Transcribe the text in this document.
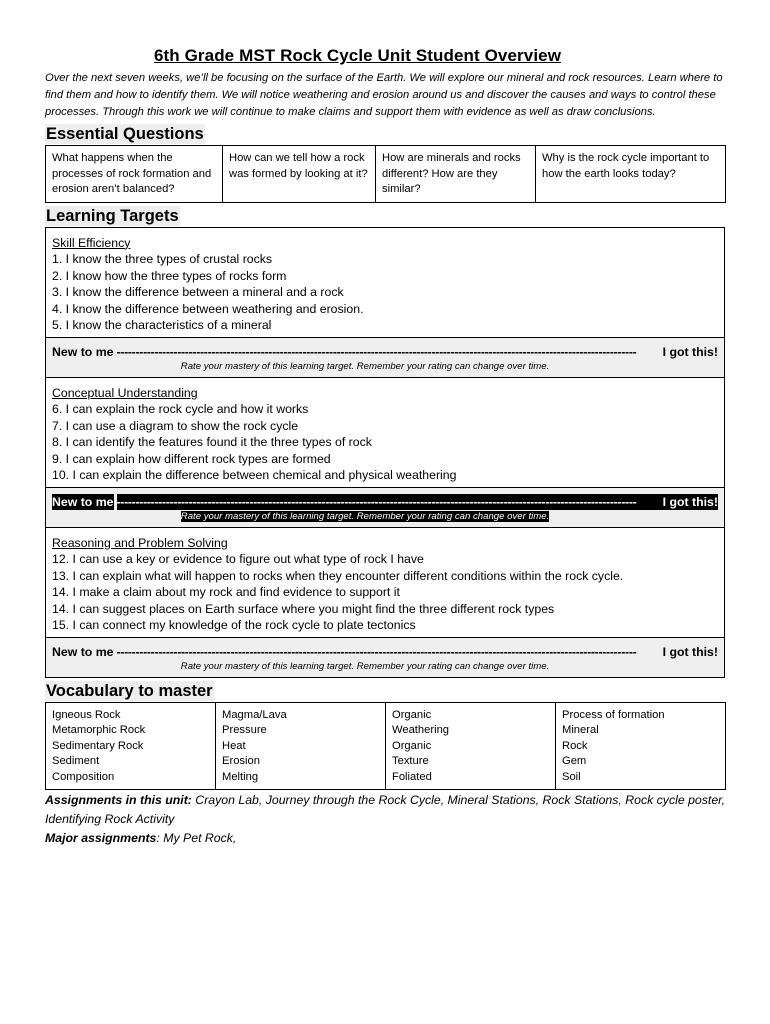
6th Grade MST Rock Cycle Unit Student Overview

Over the next seven weeks, we’ll be focusing on the surface of the Earth. We will explore our mineral and rock resources. Learn where to find them and how to identify them. We will notice weathering and erosion around us and discover the causes and ways to control these processes. Through this work we will continue to make claims and support them with evidence as well as draw conclusions.

Essential Questions
What happens when the processes of rock formation and erosion aren’t balanced?	How can we tell how a rock was formed by looking at it?	How are minerals and rocks different? How are they similar?	Why is the rock cycle important to how the earth looks today?
Learning Targets
Skill Efficiency
1. I know the three types of crustal rocks
2. I know how the three types of rocks form
3. I know the difference between a mineral and a rock
4. I know the difference between weathering and erosion.
5. I know the characteristics of a mineral
New to me -----------------------------------------------------------------------------------------------------------------------------------------	I got this!
Rate your mastery of this learning target. Remember your rating can change over time.
Conceptual Understanding
6. I can explain the rock cycle and how it works
7. I can use a diagram to show the rock cycle
8. I can identify the features found it the three types of rock
9. I can explain how different rock types are formed
10. I can explain the difference between chemical and physical weathering
New to me -----------------------------------------------------------------------------------------------------------------------------------------	I got this!
Rate your mastery of this learning target. Remember your rating can change over time.
Reasoning and Problem Solving
12. I can use a key or evidence to figure out what type of rock I have
13. I can explain what will happen to rocks when they encounter different conditions within the rock cycle.
14. I make a claim about my rock and find evidence to support it
14. I can suggest places on Earth surface where you might find the three different rock types
15. I can connect my knowledge of the rock cycle to plate tectonics
New to me -----------------------------------------------------------------------------------------------------------------------------------------	I got this!
Rate your mastery of this learning target. Remember your rating can change over time.
Vocabulary to master
Igneous Rock
Metamorphic Rock
Sedimentary Rock
Sediment
Composition

Magma/Lava
Pressure
Heat
Erosion
Melting

Organic
Weathering
Organic
Texture
Foliated

Process of formation
Mineral
Rock
Gem
Soil
Assignments in this unit: Crayon Lab, Journey through the Rock Cycle, Mineral Stations, Rock Stations, Rock cycle poster, Identifying Rock Activity
Major assignments: My Pet Rock,
